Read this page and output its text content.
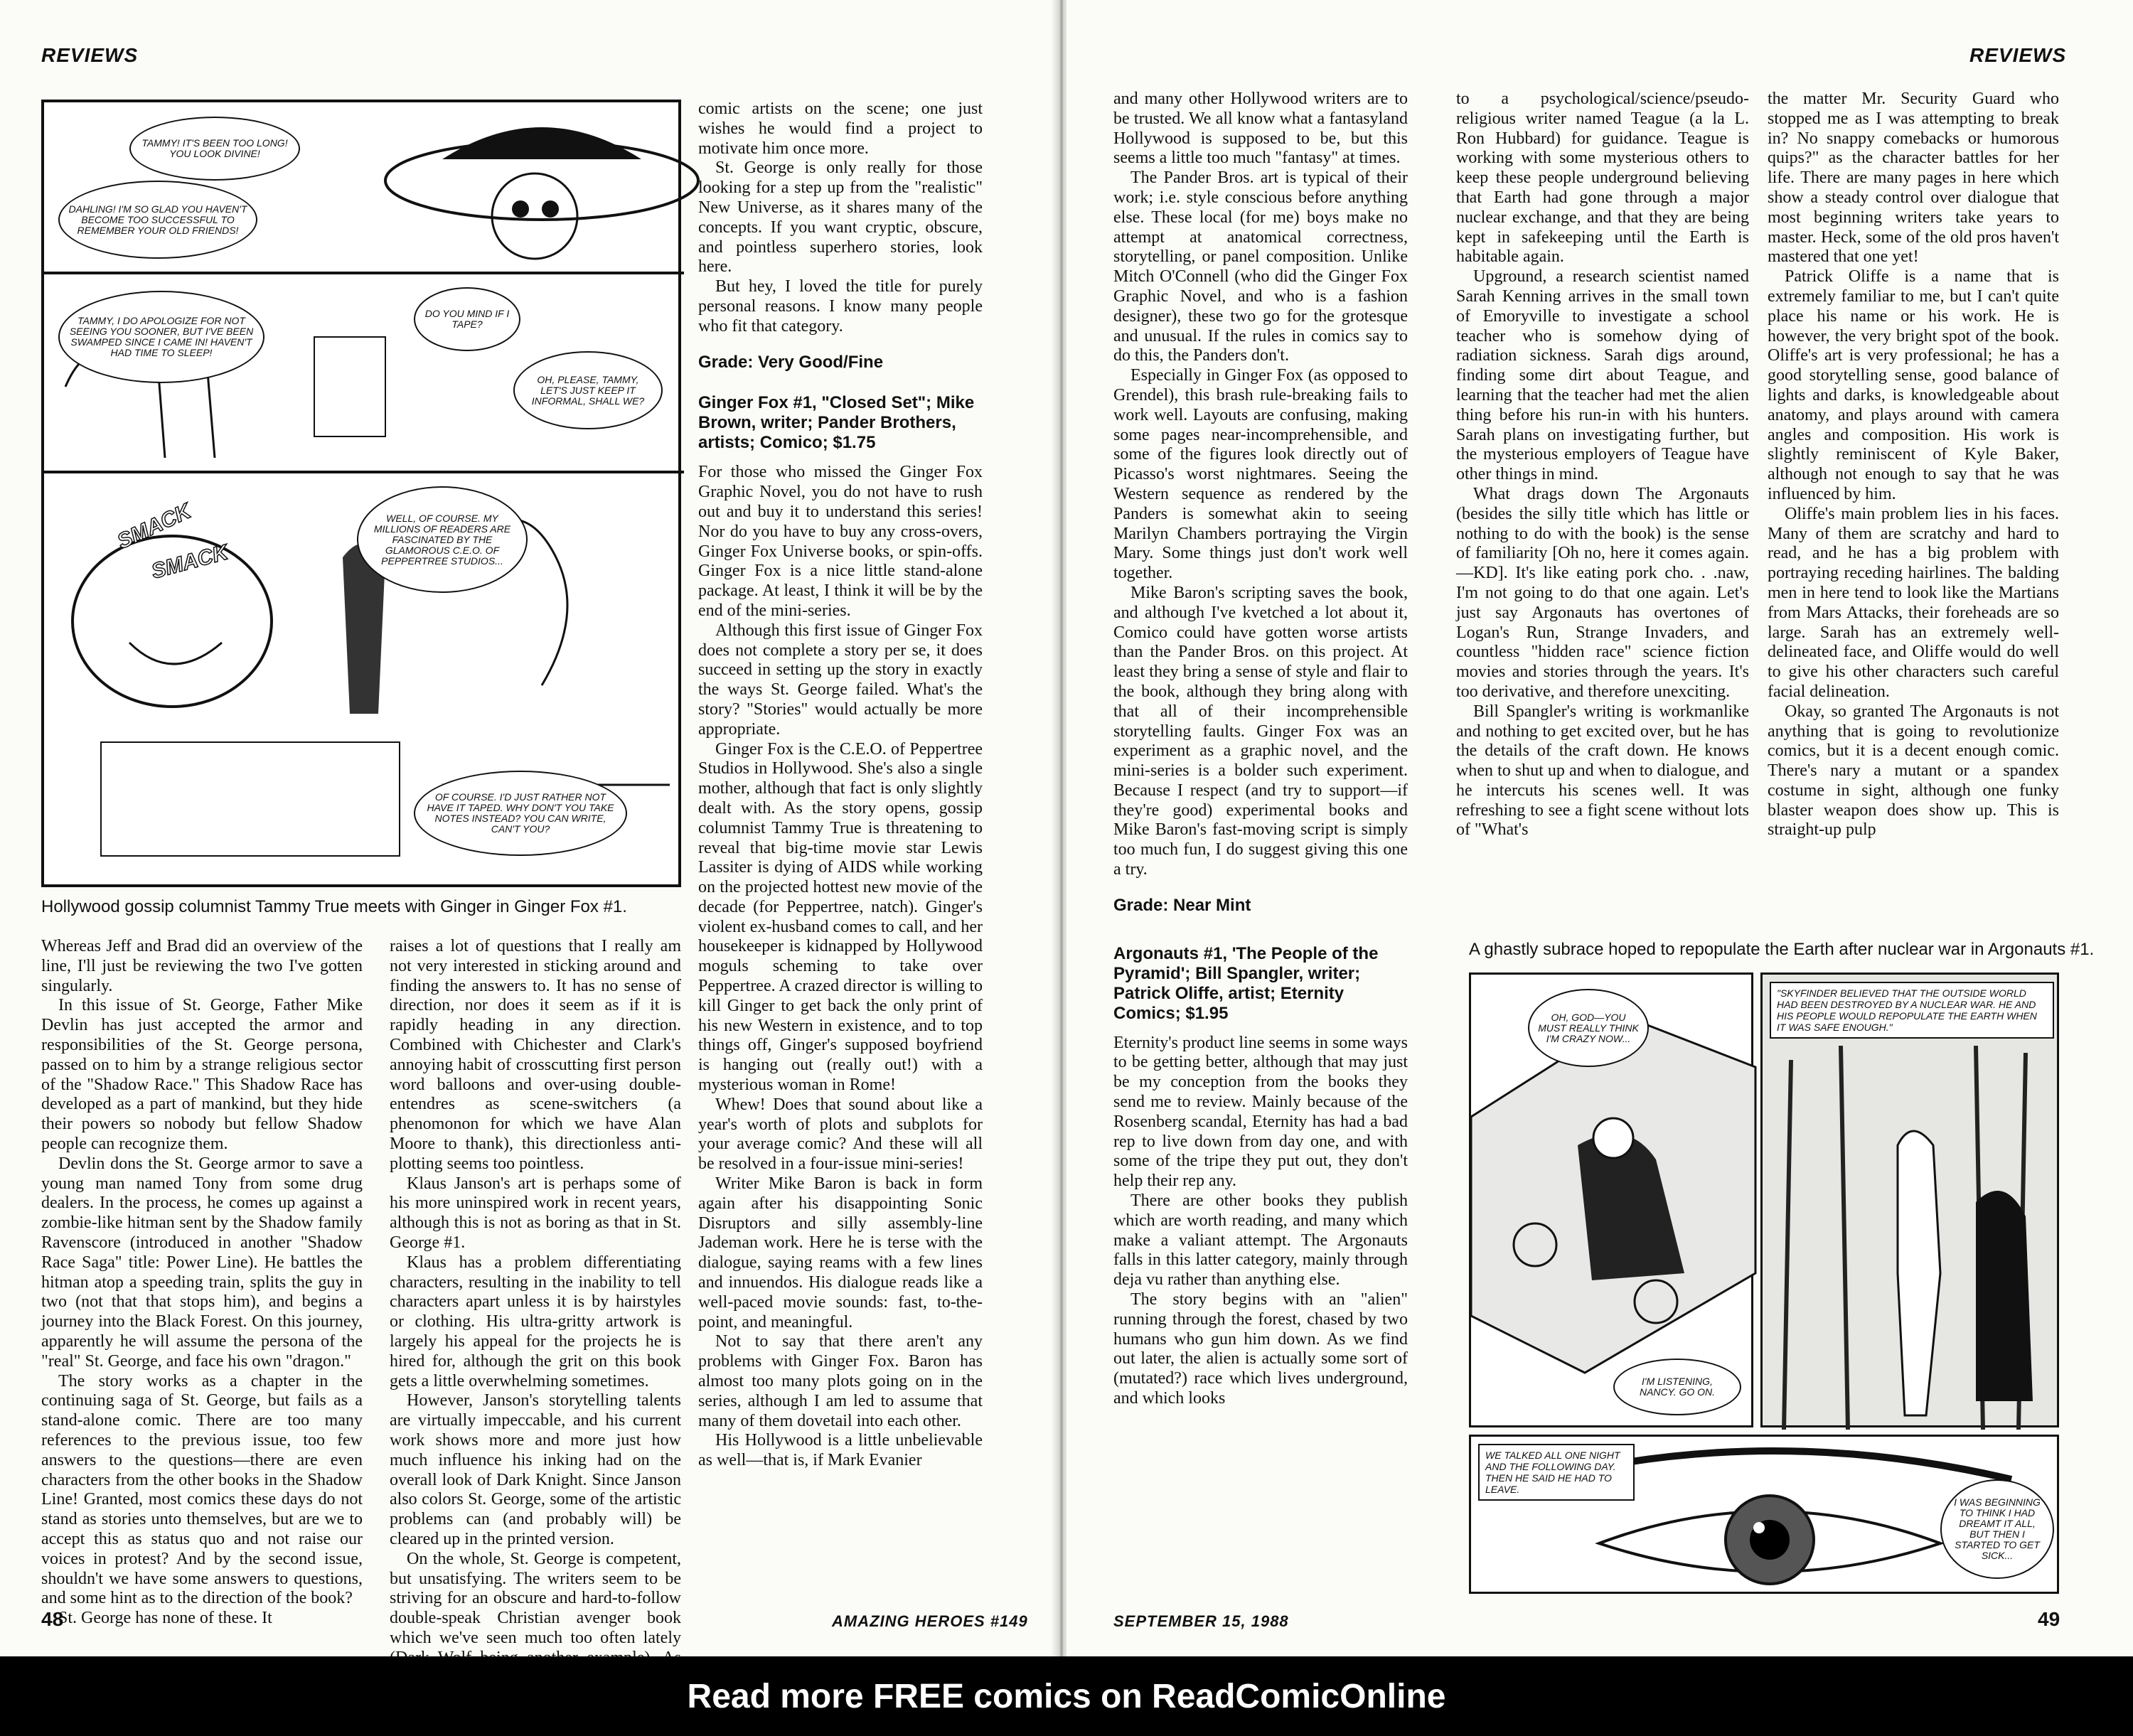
REVIEWS
TAMMY! IT'S BEEN TOO LONG! YOU LOOK DIVINE!
DAHLING! I'M SO GLAD YOU HAVEN'T BECOME TOO SUCCESSFUL TO REMEMBER YOUR OLD FRIENDS!
TAMMY, I DO APOLOGIZE FOR NOT SEEING YOU SOONER, BUT I'VE BEEN SWAMPED SINCE I CAME IN! HAVEN'T HAD TIME TO SLEEP!
DO YOU MIND IF I TAPE?
OH, PLEASE, TAMMY, LET'S JUST KEEP IT INFORMAL, SHALL WE?
WELL, OF COURSE. MY MILLIONS OF READERS ARE FASCINATED BY THE GLAMOROUS C.E.O. OF PEPPERTREE STUDIOS...
OF COURSE. I'D JUST RATHER NOT HAVE IT TAPED. WHY DON'T YOU TAKE NOTES INSTEAD? YOU CAN WRITE, CAN'T YOU?
SMACK
SMACK
Hollywood gossip columnist Tammy True meets with Ginger in Ginger Fox #1.

Whereas Jeff and Brad did an overview of the line, I'll just be reviewing the two I've gotten singularly.

In this issue of St. George, Father Mike Devlin has just accepted the armor and responsibilities of the St. George persona, passed on to him by a strange religious sector of the "Shadow Race." This Shadow Race has developed as a part of mankind, but they hide their powers so nobody but fellow Shadow people can recognize them.

Devlin dons the St. George armor to save a young man named Tony from some drug dealers. In the process, he comes up against a zombie-like hitman sent by the Shadow family Ravenscore (introduced in another "Shadow Race Saga" title: Power Line). He battles the hitman atop a speeding train, splits the guy in two (not that that stops him), and begins a journey into the Black Forest. On this journey, apparently he will assume the persona of the "real" St. George, and face his own "dragon."

The story works as a chapter in the continuing saga of St. George, but fails as a stand-alone comic. There are too many references to the previous issue, too few answers to the questions—there are even characters from the other books in the Shadow Line! Granted, most comics these days do not stand as stories unto themselves, but are we to accept this as status quo and not raise our voices in protest? And by the second issue, shouldn't we have some answers to questions, and some hint as to the direction of the book?

St. George has none of these. It

raises a lot of questions that I really am not very interested in sticking around and finding the answers to. It has no sense of direction, nor does it seem as if it is rapidly heading in any direction. Combined with Chichester and Clark's annoying habit of crosscutting first person word balloons and over-using double-entendres as scene-switchers (a phenomonon for which we have Alan Moore to thank), this directionless anti-plotting seems too pointless.

Klaus Janson's art is perhaps some of his more uninspired work in recent years, although this is not as boring as that in St. George #1.

Klaus has a problem differentiating characters, resulting in the inability to tell characters apart unless it is by hairstyles or clothing. His ultra-gritty artwork is largely his appeal for the projects he is hired for, although the grit on this book gets a little overwhelming sometimes.

However, Janson's storytelling talents are virtually impeccable, and his current work shows more and more just how much influence his inking had on the overall look of Dark Knight. Since Janson also colors St. George, some of the artistic problems can (and probably will) be cleared up in the printed version.

On the whole, St. George is competent, but unsatisfying. The writers seem to be striving for an obscure and hard-to-follow double-speak Christian avenger book which we've seen much too often lately

comic artists on the scene; one just wishes he would find a project to motivate him once more.

St. George is only really for those looking for a step up from the "realistic" New Universe, as it shares many of the concepts. If you want cryptic, obscure, and pointless superhero stories, look here.

But hey, I loved the title for purely personal reasons. I know many people who fit that category.

Grade: Very Good/Fine

Ginger Fox #1, "Closed Set"; Mike Brown, writer; Pander Brothers, artists; Comico; $1.75

For those who missed the Ginger Fox Graphic Novel, you do not have to rush out and buy it to understand this series! Nor do you have to buy any cross-overs, Ginger Fox Universe books, or spin-offs. Ginger Fox is a nice little stand-alone package. At least, I think it will be by the end of the mini-series.

Although this first issue of Ginger Fox does not complete a story per se, it does succeed in setting up the story in exactly the ways St. George failed. What's the story? "Stories" would actually be more appropriate.

Ginger Fox is the C.E.O. of Peppertree Studios in Hollywood. She's also a single mother, although that fact is only slightly dealt with. As the story opens, gossip columnist Tammy True is threatening to reveal that big-time movie star Lewis Lassiter is dying of AIDS while working on the projected hottest new movie of the decade (for Peppertree, natch). Ginger's violent ex-husband comes to call, and her housekeeper is kidnapped by Hollywood moguls scheming to take over Peppertree. A crazed director is willing to kill Ginger to get back the only print of his new Western in existence, and to top things off, Ginger's supposed boyfriend is hanging out (really out!) with a mysterious woman in Rome!

Whew! Does that sound about like a year's worth of plots and subplots for your average comic? And these will all be resolved in a four-issue mini-series!

Writer Mike Baron is back in form again after his disappointing Sonic Disruptors and silly assembly-line Jademan work. Here he is terse with the dialogue, saying reams with a few lines and innuendos. His dialogue reads like a well-paced movie sounds: fast, to-the-point, and meaningful.

Not to say that there aren't any problems with Ginger Fox. Baron has almost too many plots going on in the series, although I am led to assume that many of them dovetail into each other.

His Hollywood is a little unbelievable as well—that is, if Mark Evanier

48	AMAZING HEROES #149
REVIEWS

and many other Hollywood writers are to be trusted. We all know what a fantasyland Hollywood is supposed to be, but this seems a little too much "fantasy" at times.

The Pander Bros. art is typical of their work; i.e. style conscious before anything else. These local (for me) boys make no attempt at anatomical correctness, storytelling, or panel composition. Unlike Mitch O'Connell (who did the Ginger Fox Graphic Novel, and who is a fashion designer), these two go for the grotesque and unusual. If the rules in comics say to do this, the Panders don't.

Especially in Ginger Fox (as opposed to Grendel), this brash rule-breaking fails to work well. Layouts are confusing, making some pages near-incomprehensible, and some of the figures look directly out of Picasso's worst nightmares. Seeing the Western sequence as rendered by the Panders is somewhat akin to seeing Marilyn Chambers portraying the Virgin Mary. Some things just don't work well together.

Mike Baron's scripting saves the book, and although I've kvetched a lot about it, Comico could have gotten worse artists than the Pander Bros. on this project. At least they bring a sense of style and flair to the book, although they bring along with that all of their incomprehensible storytelling faults. Ginger Fox was an experiment as a graphic novel, and the mini-series is a bolder such experiment. Because I respect (and try to support—if they're good) experimental books and Mike Baron's fast-moving script is simply too much fun, I do suggest giving this one a try.

Grade: Near Mint

Argonauts #1, 'The People of the Pyramid'; Bill Spangler, writer; Patrick Oliffe, artist; Eternity Comics; $1.95

Eternity's product line seems in some ways to be getting better, although that may just be my conception from the books they send me to review. Mainly because of the Rosenberg scandal, Eternity has had a bad rep to live down from day one, and with some of the tripe they put out, they don't help their rep any.

There are other books they publish which are worth reading, and many which make a valiant attempt. The Argonauts falls in this latter category, mainly through deja vu rather than anything else.

The story begins with an "alien" running through the forest, chased by two humans who gun him down. As we find out later, the alien is actually some sort of (mutated?) race which lives underground, and which looks

to a psychological/science/pseudo-religious writer named Teague (a la L. Ron Hubbard) for guidance. Teague is working with some mysterious others to keep these people underground believing that Earth had gone through a major nuclear exchange, and that they are being kept in safekeeping until the Earth is habitable again.

Upground, a research scientist named Sarah Kenning arrives in the small town of Emoryville to investigate a school teacher who is somehow dying of radiation sickness. Sarah digs around, finding some dirt about Teague, and learning that the teacher had met the alien thing before his run-in with his hunters. Sarah plans on investigating further, but the mysterious employers of Teague have other things in mind.

What drags down The Argonauts (besides the silly title which has little or nothing to do with the book) is the sense of familiarity [Oh no, here it comes again.—KD]. It's like eating pork cho. . .naw, I'm not going to do that one again. Let's just say Argonauts has overtones of Logan's Run, Strange Invaders, and countless "hidden race" science fiction movies and stories through the years. It's too derivative, and therefore unexciting.

Bill Spangler's writing is workmanlike and nothing to get excited over, but he has the details of the craft down. He knows when to shut up and when to dialogue, and he intercuts his scenes well. It was refreshing to see a fight scene without lots of "What's

the matter Mr. Security Guard who stopped me as I was attempting to break in? No snappy comebacks or humorous quips?" as the character battles for her life. There are many pages in here which show a steady control over dialogue that most beginning writers take years to master. Heck, some of the old pros haven't mastered that one yet!

Patrick Oliffe is a name that is extremely familiar to me, but I can't quite place his name or his work. He is however, the very bright spot of the book. Oliffe's art is very professional; he has a good storytelling sense, good balance of lights and darks, is knowledgeable about anatomy, and plays around with camera angles and composition. His work is slightly reminiscent of Kyle Baker, although not enough to say that he was influenced by him.

Oliffe's main problem lies in his faces. Many of them are scratchy and hard to read, and he has a big problem with portraying receding hairlines. The balding men in here tend to look like the Martians from Mars Attacks, their foreheads are so large. Sarah has an extremely well-delineated face, and Oliffe would do well to give his other characters such careful facial delineation.

Okay, so granted The Argonauts is not anything that is going to revolutionize comics, but it is a decent enough comic. There's nary a mutant or a spandex costume in sight, although one funky blaster weapon does show up. This is straight-up pulp

A ghastly subrace hoped to repopulate the Earth after nuclear war in Argonauts #1.
OH, GOD—YOU MUST REALLY THINK I'M CRAZY NOW...
I'M LISTENING, NANCY. GO ON.
"SKYFINDER BELIEVED THAT THE OUTSIDE WORLD HAD BEEN DESTROYED BY A NUCLEAR WAR. HE AND HIS PEOPLE WOULD REPOPULATE THE EARTH WHEN IT WAS SAFE ENOUGH."
WE TALKED ALL ONE NIGHT AND THE FOLLOWING DAY. THEN HE SAID HE HAD TO LEAVE.
I WAS BEGINNING TO THINK I HAD DREAMT IT ALL, BUT THEN I STARTED TO GET SICK...
SEPTEMBER 15, 1988	49
Read more FREE comics on ReadComicOnline
